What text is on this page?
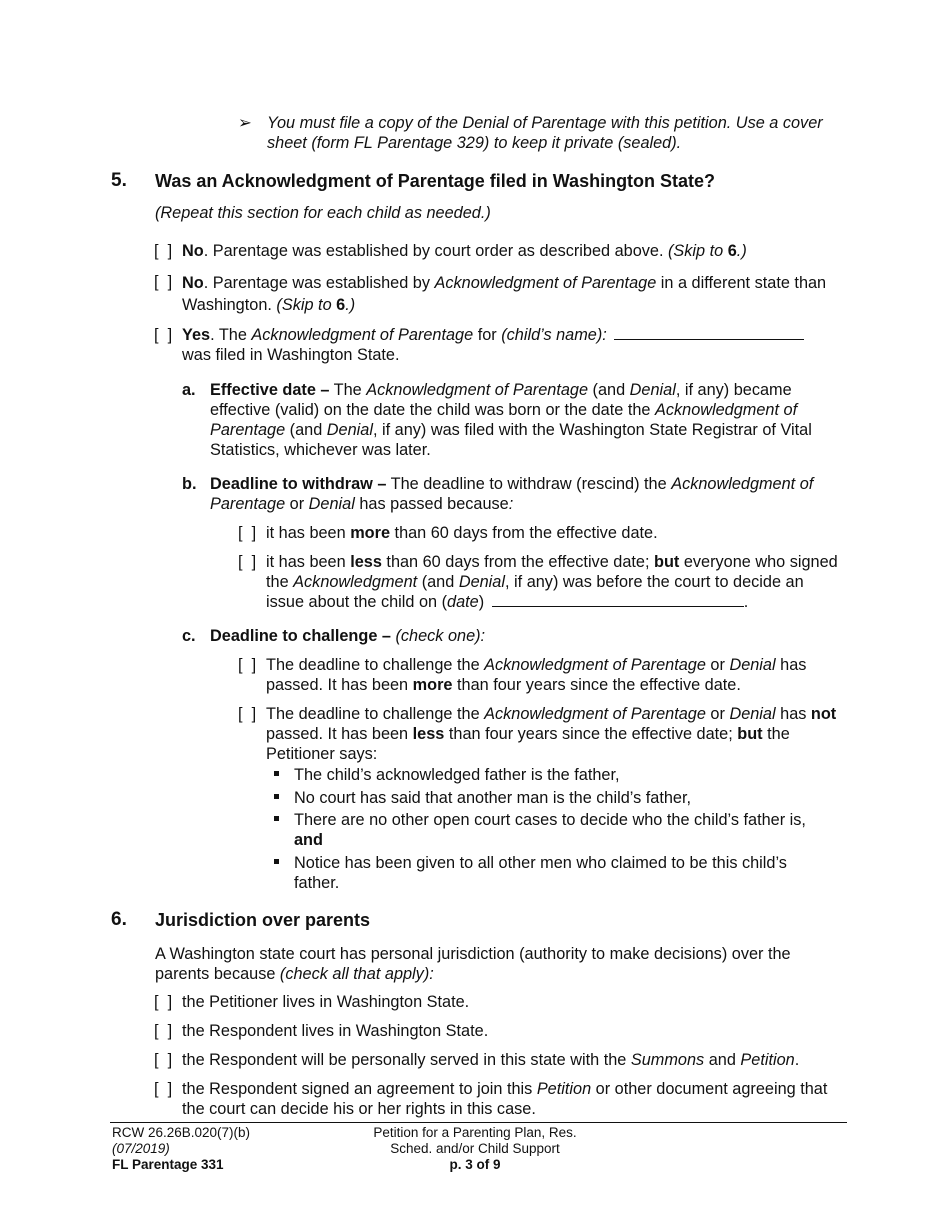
➢ You must file a copy of the Denial of Parentage with this petition. Use a cover sheet (form FL Parentage 329) to keep it private (sealed).

5. Was an Acknowledgment of Parentage filed in Washington State?
(Repeat this section for each child as needed.)
[  ] No. Parentage was established by court order as described above. (Skip to 6.)
[  ] No. Parentage was established by Acknowledgment of Parentage in a different state than Washington. (Skip to 6.)
[  ] Yes. The Acknowledgment of Parentage for (child’s name):
was filed in Washington State.
a. Effective date – The Acknowledgment of Parentage (and Denial, if any) became effective (valid) on the date the child was born or the date the Acknowledgment of Parentage (and Denial, if any) was filed with the Washington State Registrar of Vital Statistics, whichever was later.
b. Deadline to withdraw – The deadline to withdraw (rescind) the Acknowledgment of Parentage or Denial has passed because:
[  ] it has been more than 60 days from the effective date.
[  ] it has been less than 60 days from the effective date; but everyone who signed the Acknowledgment (and Denial, if any) was before the court to decide an issue about the child on (date)	.
c. Deadline to challenge – (check one):
[  ] The deadline to challenge the Acknowledgment of Parentage or Denial has passed. It has been more than four years since the effective date.
[  ] The deadline to challenge the Acknowledgment of Parentage or Denial has not passed. It has been less than four years since the effective date; but the Petitioner says:
The child’s acknowledged father is the father,
No court has said that another man is the child’s father,
There are no other open court cases to decide who the child’s father is,
and
Notice has been given to all other men who claimed to be this child’s father.
6. Jurisdiction over parents
A Washington state court has personal jurisdiction (authority to make decisions) over the parents because (check all that apply):
[  ] the Petitioner lives in Washington State.
[  ] the Respondent lives in Washington State.
[  ] the Respondent will be personally served in this state with the Summons and Petition.
[  ] the Respondent signed an agreement to join this Petition or other document agreeing that the court can decide his or her rights in this case.
RCW 26.26B.020(7)(b)
(07/2019)
FL Parentage 331
Petition for a Parenting Plan, Res.
Sched. and/or Child Support
p. 3 of 9
